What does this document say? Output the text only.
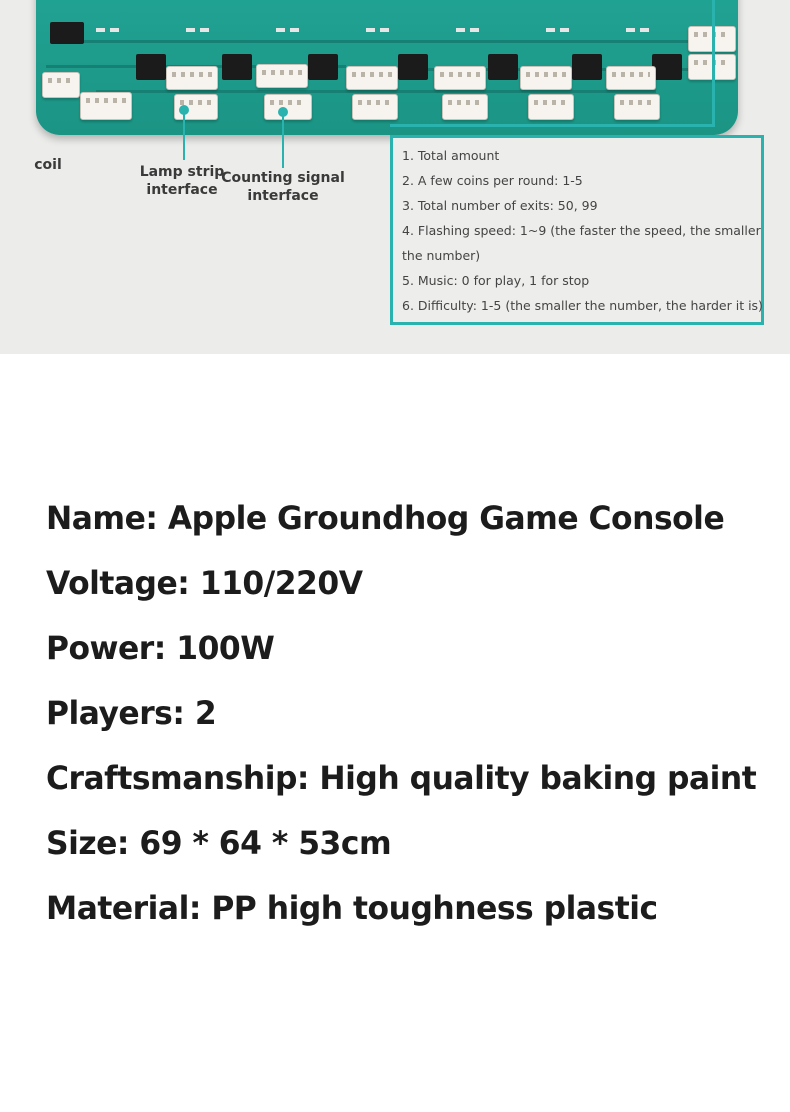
coil	Lamp strip
interface
Counting signal
interface
1. Total amount
2. A few coins per round: 1-5
3. Total number of exits: 50, 99
4. Flashing speed: 1~9 (the faster the speed, the smaller
the number)
5. Music: 0 for play, 1 for stop
6. Difficulty: 1-5 (the smaller the number, the harder it is)
Name: Apple Groundhog Game Console
Voltage: 110/220V
Power: 100W
Players: 2
Craftsmanship: High quality baking paint
Size: 69 * 64 * 53cm
Material: PP high toughness plastic
